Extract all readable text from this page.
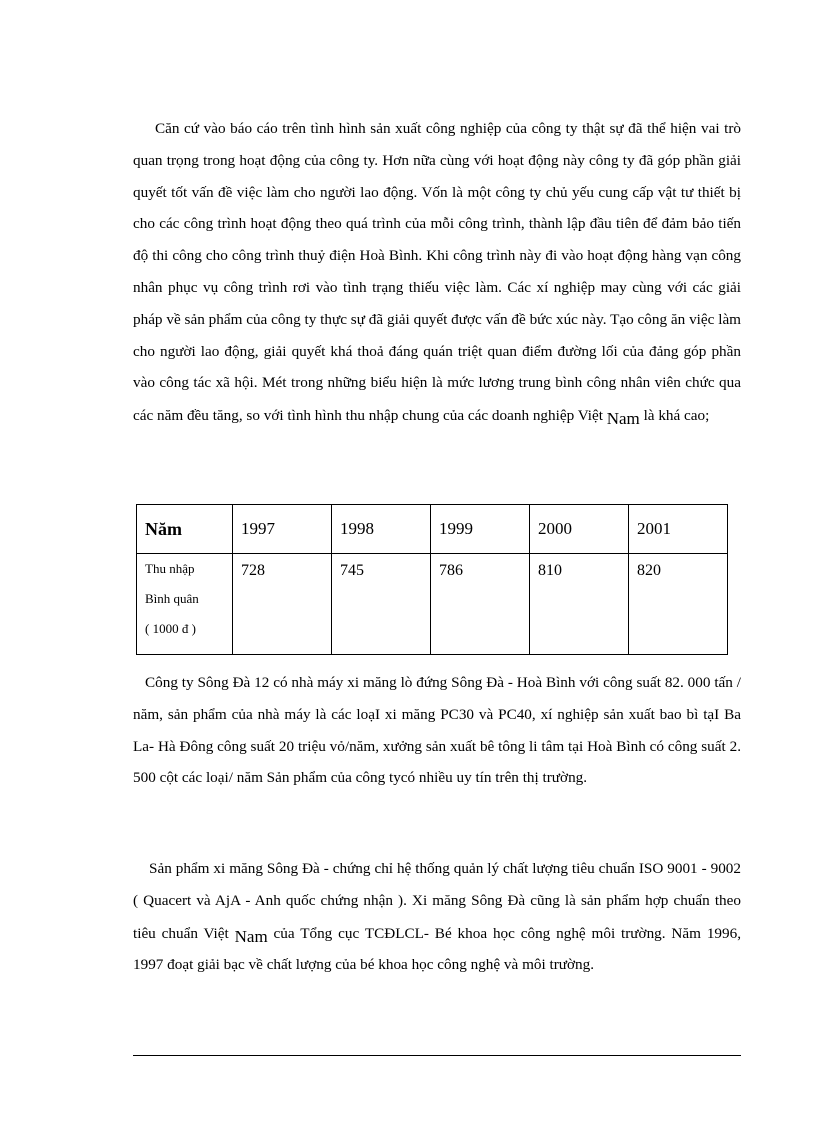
Căn cứ vào báo cáo trên tình hình sản xuất công nghiệp của công ty thật sự đã thể hiện vai trò quan trọng trong hoạt động của công ty. Hơn nữa cùng với hoạt động này công ty đã góp phần giải quyết tốt vấn đề việc làm cho người lao động. Vốn là một công ty chủ yếu cung cấp vật tư thiết bị cho các công trình hoạt động theo quá trình của mỗi công trình, thành lập đầu tiên để đảm bảo tiến độ thi công cho công trình thuỷ điện Hoà Bình. Khi công trình này đi vào hoạt động hàng vạn công nhân phục vụ công trình rơi vào tình trạng thiếu việc làm. Các xí nghiệp may cùng với các giải pháp về sản phẩm của công ty thực sự đã giải quyết được vấn đề bức xúc này. Tạo công ăn việc làm cho người lao động, giải quyết khá thoả đáng quán triệt quan điểm đường lối của đảng góp phần vào công tác xã hội. Mét trong những biểu hiện là mức lương trung bình công nhân viên chức qua các năm đều tăng, so với tình hình thu nhập chung của các doanh nghiệp Việt Nam là khá cao;

Năm	1997	1998	1999	2000	2001

Thu nhập
Bình quân
( 1000 đ )	728	745	786	810	820

Công ty Sông Đà 12 có nhà máy xi măng lò đứng Sông Đà - Hoà Bình với công suất 82. 000 tấn / năm, sản phẩm của nhà máy là các loạI xi măng PC30 và PC40, xí nghiệp sản xuất bao bì tạI Ba La- Hà Đông công suất 20 triệu vỏ/năm, xưởng sản xuất bê tông li tâm tại Hoà Bình có công suất 2. 500 cột các loại/ năm Sản phẩm của công tycó nhiều uy tín trên thị trường.

Sản phẩm xi măng Sông Đà - chứng chỉ hệ thống quản lý chất lượng tiêu chuẩn ISO 9001 - 9002 ( Quacert và AjA - Anh quốc chứng nhận ). Xi măng Sông Đà cũng là sản phẩm hợp chuẩn theo tiêu chuẩn Việt Nam của Tổng cục TCĐLCL- Bé khoa học công nghệ môi trường. Năm 1996, 1997 đoạt giải bạc về chất lượng của bé khoa học công nghệ và môi trường.
